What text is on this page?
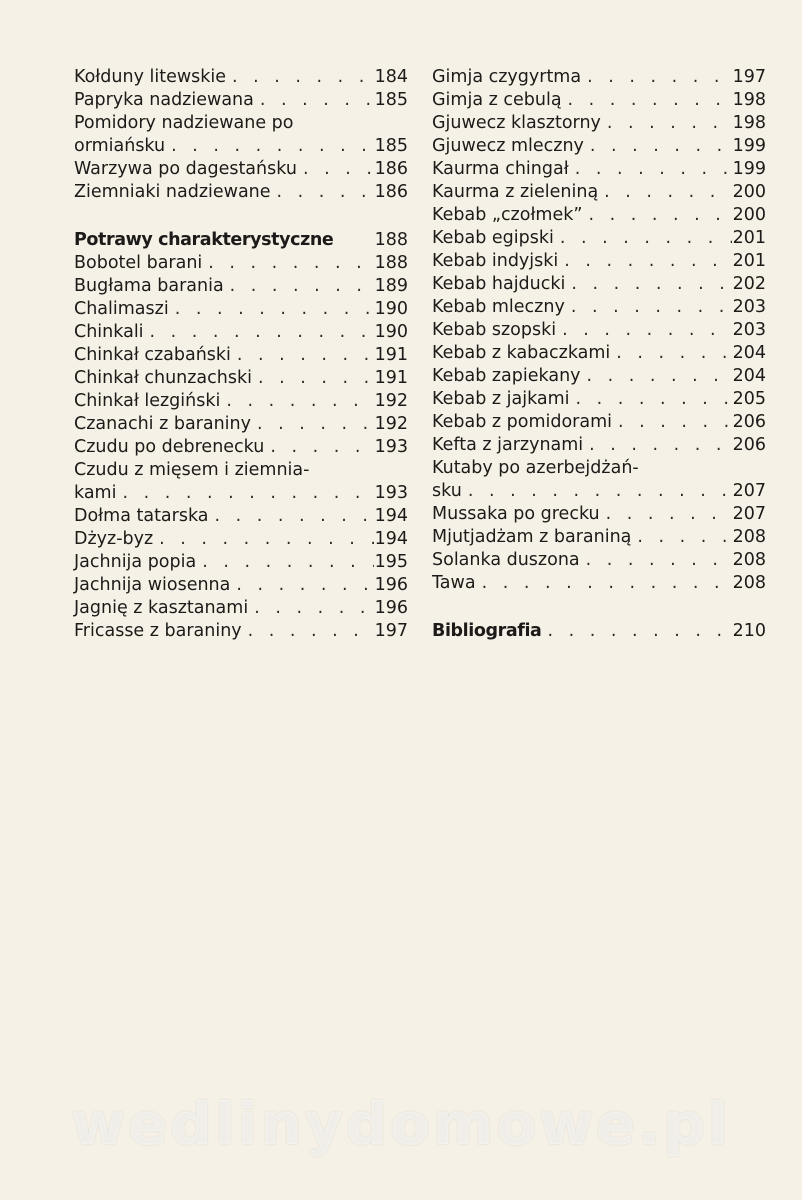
Kołduny litewskie . . .	184
Papryka nadziewana . . .	185
Pomidory nadziewane po
ormiańsku . . .	185
Warzywa po dagestańsku . . .	186
Ziemniaki nadziewane . . .	186
Potrawy charakterystyczne 188
Bobotel barani . . .	188
Bugłama barania . . .	189
Chalimaszi . . .	190
Chinkali . . .	190
Chinkał czabański . . .	191
Chinkał chunzachski . . .	191
Chinkał lezgiński . . .	192
Czanachi z baraniny . . .	192
Czudu po debrenecku . . .	193
Czudu z mięsem i ziemnia-
kami . . .	193
Dołma tatarska . . .	194
Dżyz-byz . . .	194
Jachnija popia . . .	195
Jachnija wiosenna . . .	196
Jagnię z kasztanami . . .	196
Fricasse z baraniny . . .	197
Gimja czygyrtma . . .	197
Gimja z cebulą . . .	198
Gjuwecz klasztorny . . .	198
Gjuwecz mleczny . . .	199
Kaurma chingał . . .	199
Kaurma z zieleniną . . .	200
Kebab „czołmek” . . .	200
Kebab egipski . . .	201
Kebab indyjski . . .	201
Kebab hajducki . . .	202
Kebab mleczny . . .	203
Kebab szopski . . .	203
Kebab z kabaczkami . . .	204
Kebab zapiekany . . .	204
Kebab z jajkami . . .	205
Kebab z pomidorami . . .	206
Kefta z jarzynami . . .	206
Kutaby po azerbejdżań-
sku . . .	207
Mussaka po grecku . . .	207
Mjutjadżam z baraniną . . .	208
Solanka duszona . . .	208
Tawa . . .	208
Bibliografia . . .	210
wedlinydomowe.pl
